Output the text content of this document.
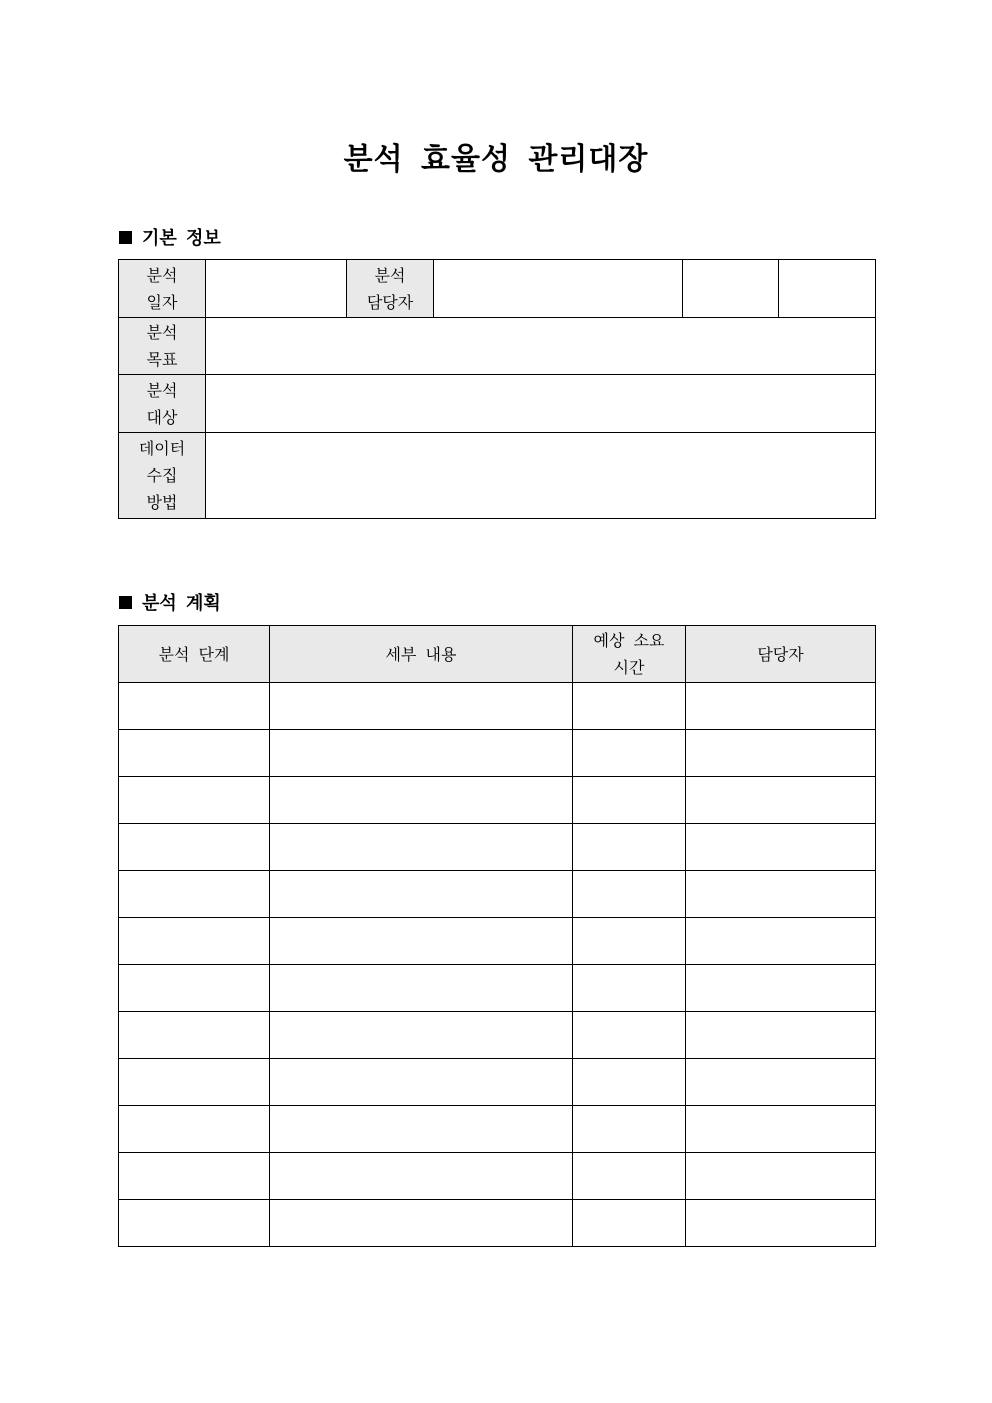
분석 효율성 관리대장
기본 정보
분석 일자		분석 담당자			
분석 목표					
분석 대상					
데이터 수집 방법					
분석 계획
분석 단계	세부 내용	예상 소요 시간	담당자
